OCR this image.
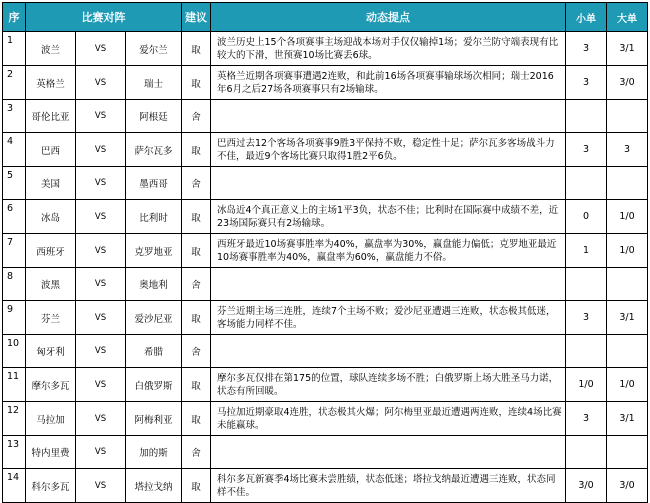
序	比赛对阵			建议	动态提点	小单	大单
1	波兰	VS	爱尔兰	取	波兰历史上15个各项赛事主场迎战本场对手仅仅输掉1场；爱尔兰防守端表现有比较大的下滑，世预赛10场比赛丢6球。	3	3/1
2	英格兰	VS	瑞士	取	英格兰近期各项赛事遭遇2连败，和此前16场各项赛事输球场次相同；瑞士2016年6月之后27场各项赛事只有2场输球。	3	3/0
3	哥伦比亚	VS	阿根廷	舍			
4	巴西	VS	萨尔瓦多	取	巴西过去12个客场各项赛事9胜3平保持不败，稳定性十足；萨尔瓦多客场战斗力不佳，最近9个客场比赛只取得1胜2平6负。	3	3
5	美国	VS	墨西哥	舍			
6	冰岛	VS	比利时	取	冰岛近4个真正意义上的主场1平3负，状态不佳；比利时在国际赛中成绩不差，近23场国际赛只有2场输球。	0	1/0
7	西班牙	VS	克罗地亚	取	西班牙最近10场赛事胜率为40%，赢盘率为30%，赢盘能力偏低；克罗地亚最近10场赛事胜率为40%，赢盘率为60%，赢盘能力不俗。	1	1/0
8	波黑	VS	奥地利	舍			
9	芬兰	VS	爱沙尼亚	取	芬兰近期主场三连胜，连续7个主场不败；爱沙尼亚遭遇三连败，状态极其低迷，客场能力同样不佳。	3	3/1
10	匈牙利	VS	希腊	舍			
11	摩尔多瓦	VS	白俄罗斯	取	摩尔多瓦仅排在第175的位置，球队连续多场不胜；白俄罗斯上场大胜圣马力诺，状态有所回暖。	1/0	1/0
12	马拉加	VS	阿梅利亚	取	马拉加近期豪取4连胜，状态极其火爆；阿尔梅里亚最近遭遇两连败，连续4场比赛未能赢球。	3	3/1
13	特内里费	VS	加的斯	舍			
14	科尔多瓦	VS	塔拉戈纳	取	科尔多瓦新赛季4场比赛未尝胜绩，状态低迷；塔拉戈纳最近遭遇三连败，状态同样不佳。	3/0	3/0
